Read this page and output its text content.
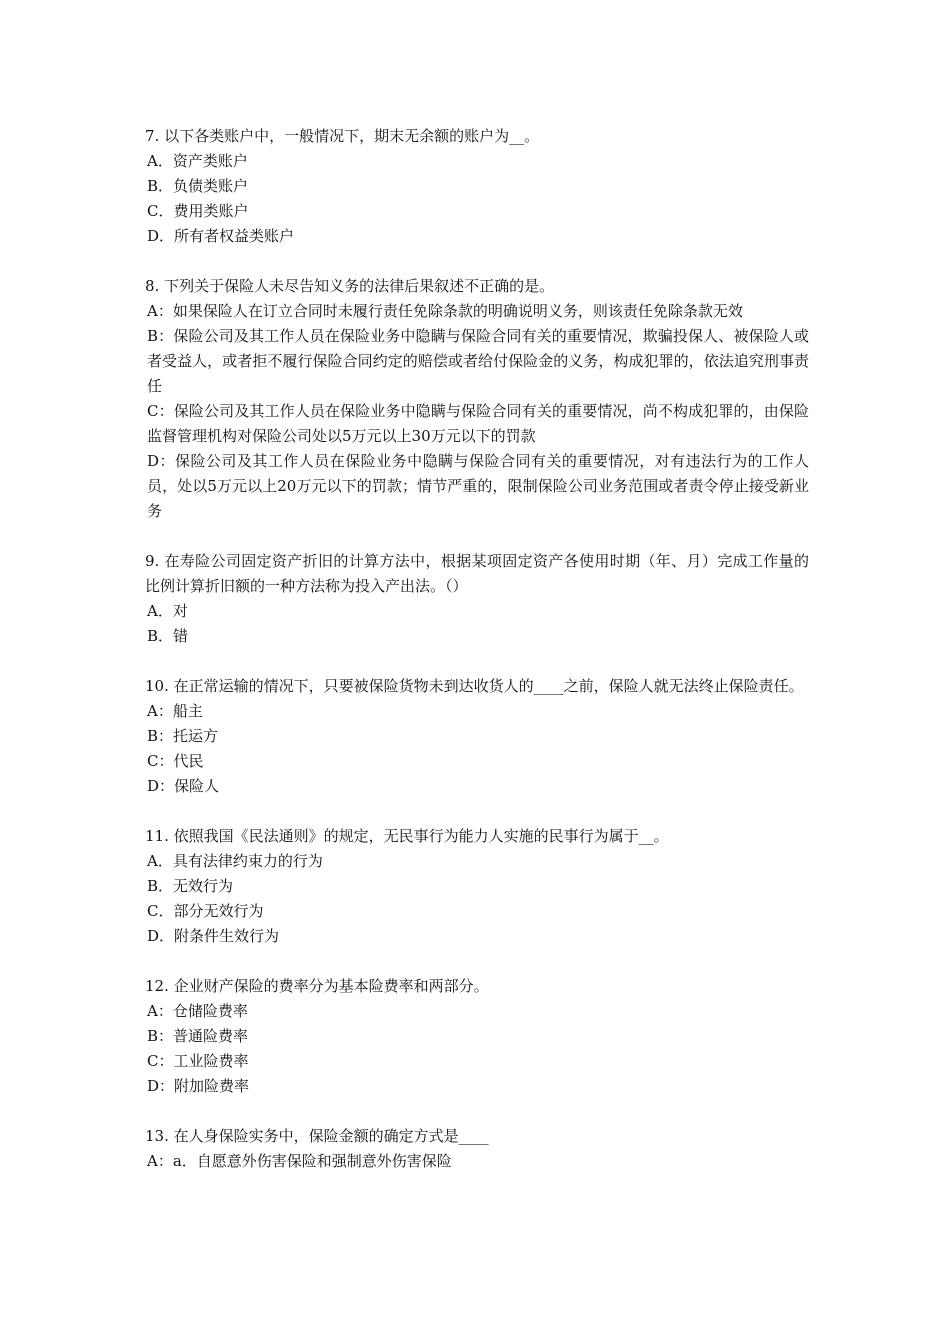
7. 以下各类账户中，一般情况下，期末无余额的账户为__。

A．资产类账户

B．负债类账户

C．费用类账户

D．所有者权益类账户

8. 下列关于保险人未尽告知义务的法律后果叙述不正确的是。

A：如果保险人在订立合同时未履行责任免除条款的明确说明义务，则该责任免除条款无效

B：保险公司及其工作人员在保险业务中隐瞒与保险合同有关的重要情况，欺骗投保人、被保险人或者受益人，或者拒不履行保险合同约定的赔偿或者给付保险金的义务，构成犯罪的，依法追究刑事责任

C：保险公司及其工作人员在保险业务中隐瞒与保险合同有关的重要情况，尚不构成犯罪的，由保险监督管理机构对保险公司处以5万元以上30万元以下的罚款

D：保险公司及其工作人员在保险业务中隐瞒与保险合同有关的重要情况，对有违法行为的工作人员，处以5万元以上20万元以下的罚款；情节严重的，限制保险公司业务范围或者责令停止接受新业务

9. 在寿险公司固定资产折旧的计算方法中，根据某项固定资产各使用时期（年、月）完成工作量的比例计算折旧额的一种方法称为投入产出法。（）

A．对

B．错

10. 在正常运输的情况下，只要被保险货物未到达收货人的____之前，保险人就无法终止保险责任。

A：船主

B：托运方

C：代民

D：保险人

11. 依照我国《民法通则》的规定，无民事行为能力人实施的民事行为属于__。

A．具有法律约束力的行为

B．无效行为

C．部分无效行为

D．附条件生效行为

12. 企业财产保险的费率分为基本险费率和两部分。

A：仓储险费率

B：普通险费率

C：工业险费率

D：附加险费率

13. 在人身保险实务中，保险金额的确定方式是____

A：a．自愿意外伤害保险和强制意外伤害保险
